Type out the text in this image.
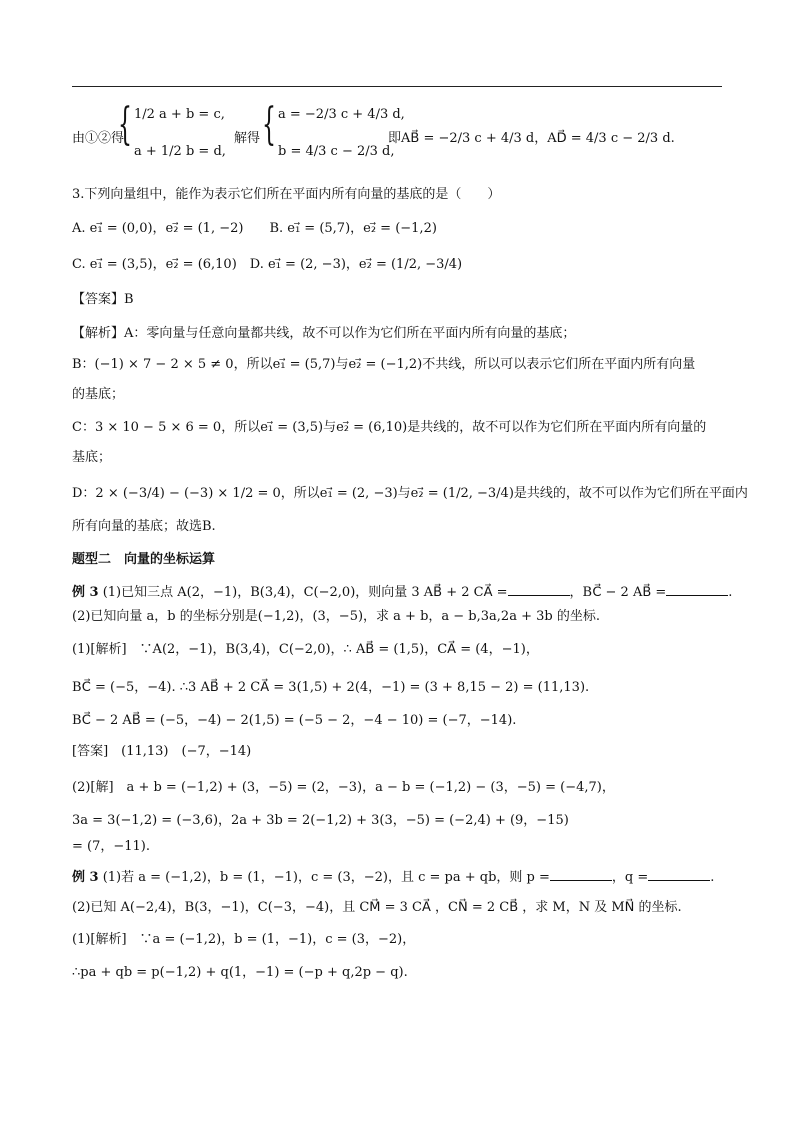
由①②得
{ 1/2 a + b = c,
a + 1/2 b = d,
解得 { a = −2/3 c + 4/3 d,
b = 4/3 c − 2/3 d,
即AB⃗ = −2/3 c + 4/3 d，AD⃗ = 4/3 c − 2/3 d.
3.下列向量组中，能作为表示它们所在平面内所有向量的基底的是（　　）
A. e₁⃗ = (0,0)，e₂⃗ = (1, −2)　　B. e₁⃗ = (5,7)，e₂⃗ = (−1,2)
C. e₁⃗ = (3,5)，e₂⃗ = (6,10)　D. e₁⃗ = (2, −3)，e₂⃗ = (1/2, −3/4)
【答案】B
【解析】A：零向量与任意向量都共线，故不可以作为它们所在平面内所有向量的基底；
B：(−1) × 7 − 2 × 5 ≠ 0，所以e₁⃗ = (5,7)与e₂⃗ = (−1,2)不共线，所以可以表示它们所在平面内所有向量
的基底；
C：3 × 10 − 5 × 6 = 0，所以e₁⃗ = (3,5)与e₂⃗ = (6,10)是共线的，故不可以作为它们所在平面内所有向量的
基底；
D：2 × (−3/4) − (−3) × 1/2 = 0，所以e₁⃗ = (2, −3)与e₂⃗ = (1/2, −3/4)是共线的，故不可以作为它们所在平面内
所有向量的基底；故选B.
题型二　向量的坐标运算
例 3 (1)已知三点 A(2，−1)，B(3,4)，C(−2,0)，则向量 3 AB⃗ + 2 CA⃗ =	，BC⃗ − 2 AB⃗ =	.
(2)已知向量 a，b 的坐标分别是(−1,2)，(3，−5)，求 a + b，a − b,3a,2a + 3b 的坐标.
(1)[解析]　∵A(2，−1)，B(3,4)，C(−2,0)，∴ AB⃗ = (1,5)，CA⃗ = (4，−1)，
BC⃗ = (−5，−4). ∴3 AB⃗ + 2 CA⃗ = 3(1,5) + 2(4，−1) = (3 + 8,15 − 2) = (11,13).
BC⃗ − 2 AB⃗ = (−5，−4) − 2(1,5) = (−5 − 2，−4 − 10) = (−7，−14).
[答案]　(11,13)　(−7，−14)
(2)[解]　a + b = (−1,2) + (3，−5) = (2，−3)，a − b = (−1,2) − (3，−5) = (−4,7)，
3a = 3(−1,2) = (−3,6)，2a + 3b = 2(−1,2) + 3(3，−5) = (−2,4) + (9，−15)
= (7，−11).
例 3 (1)若 a = (−1,2)，b = (1，−1)，c = (3，−2)，且 c = pa + qb，则 p =	，q =	.
(2)已知 A(−2,4)，B(3，−1)，C(−3，−4)，且 CM⃗ = 3 CA⃗ ，CN⃗ = 2 CB⃗ ，求 M，N 及 MN⃗ 的坐标.
(1)[解析]　∵a = (−1,2)，b = (1，−1)，c = (3，−2)，
∴pa + qb = p(−1,2) + q(1，−1) = (−p + q,2p − q).
